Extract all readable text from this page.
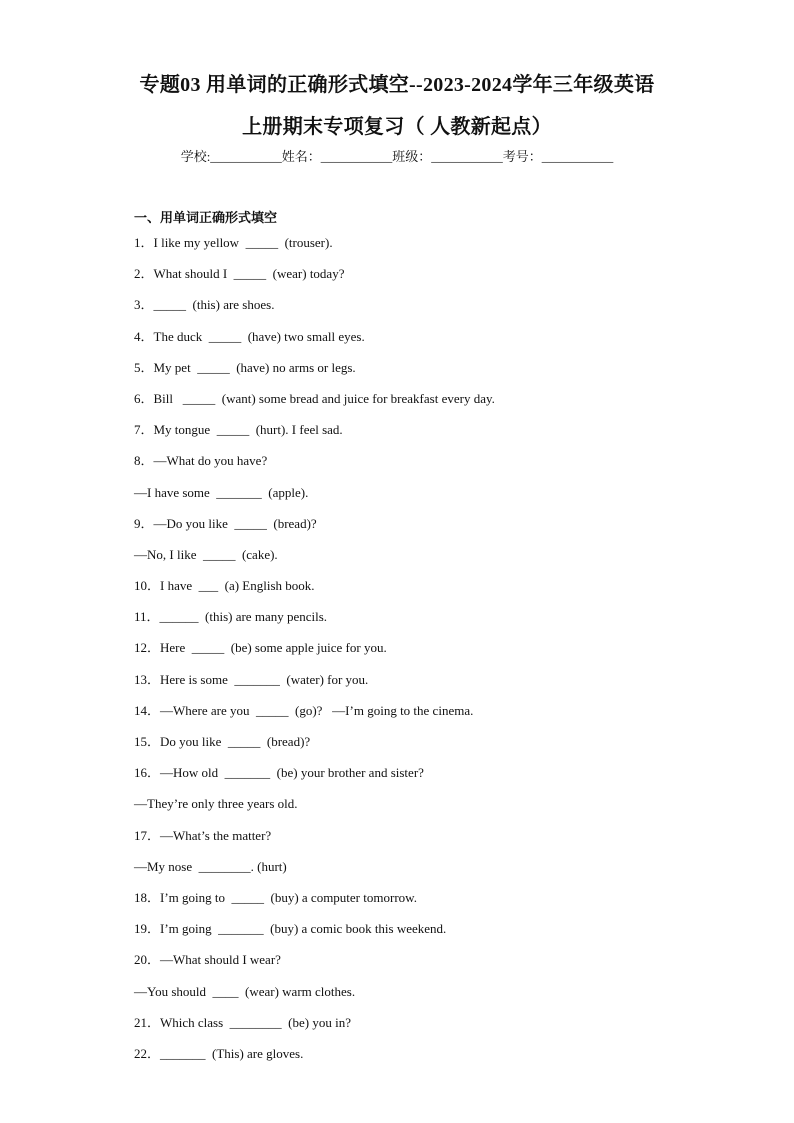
专题03 用单词的正确形式填空--2023-2024学年三年级英语
上册期末专项复习（ 人教新起点）
学校:___________姓名：___________班级：___________考号：___________
一、用单词正确形式填空
1．I like my yellow  _____  (trouser).
2．What should I  _____  (wear) today?
3．_____  (this) are shoes.
4．The duck  _____  (have) two small eyes.
5．My pet  _____  (have) no arms or legs.
6．Bill   _____  (want) some bread and juice for breakfast every day.
7．My tongue  _____  (hurt). I feel sad.
8．—What do you have?
—I have some  _______  (apple).
9．—Do you like  _____  (bread)?
—No, I like  _____  (cake).
10．I have  ___  (a) English book.
11．______  (this) are many pencils.
12．Here  _____  (be) some apple juice for you.
13．Here is some  _______  (water) for you.
14．—Where are you  _____  (go)?   —I’m going to the cinema.
15．Do you like  _____  (bread)?
16．—How old  _______  (be) your brother and sister?
—They’re only three years old.
17．—What’s the matter?
—My nose  ________. (hurt)
18．I’m going to  _____  (buy) a computer tomorrow.
19．I’m going  _______  (buy) a comic book this weekend.
20．—What should I wear?
—You should  ____  (wear) warm clothes.
21．Which class  ________  (be) you in?
22．_______  (This) are gloves.
